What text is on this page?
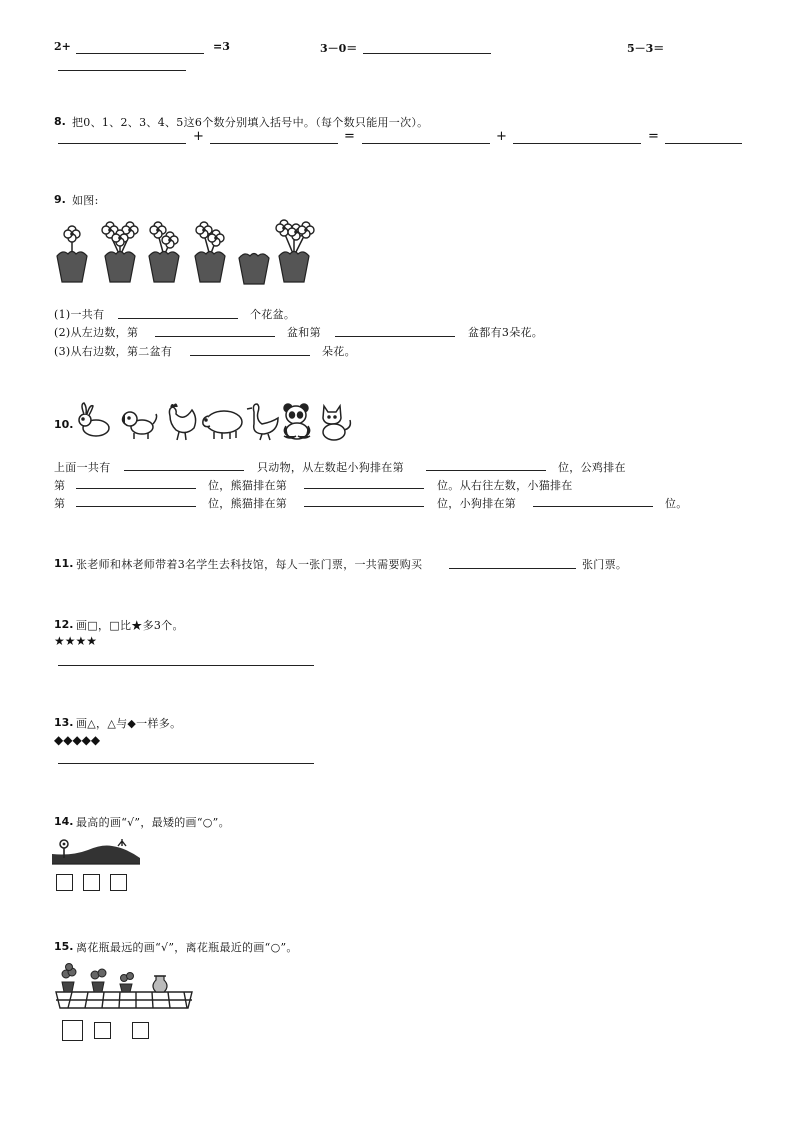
2+	=3	3－0＝	5－3＝
8. 把0、1、2、3、4、5这6个数分别填入括号中。（每个数只能用一次）。
+	=	+	=
9. 如图:
(1)一共有	个花盆。
(2)从左边数，第	盆和第	盆都有3朵花。
(3)从右边数，第二盆有	朵花。
10.
上面一共有	只动物，从左数起小狗排在第	位，公鸡排在
第	位，熊猫排在第	位。从右往左数，小猫排在
第	位，熊猫排在第	位，小狗排在第	位。
11. 张老师和林老师带着3名学生去科技馆，每人一张门票，一共需要购买	张门票。
12. 画□，□比★多3个。
★★★★
13. 画△，△与◆一样多。
◆◆◆◆◆
14. 最高的画“√”，最矮的画“○”。
15. 离花瓶最远的画“√”，离花瓶最近的画“○”。
